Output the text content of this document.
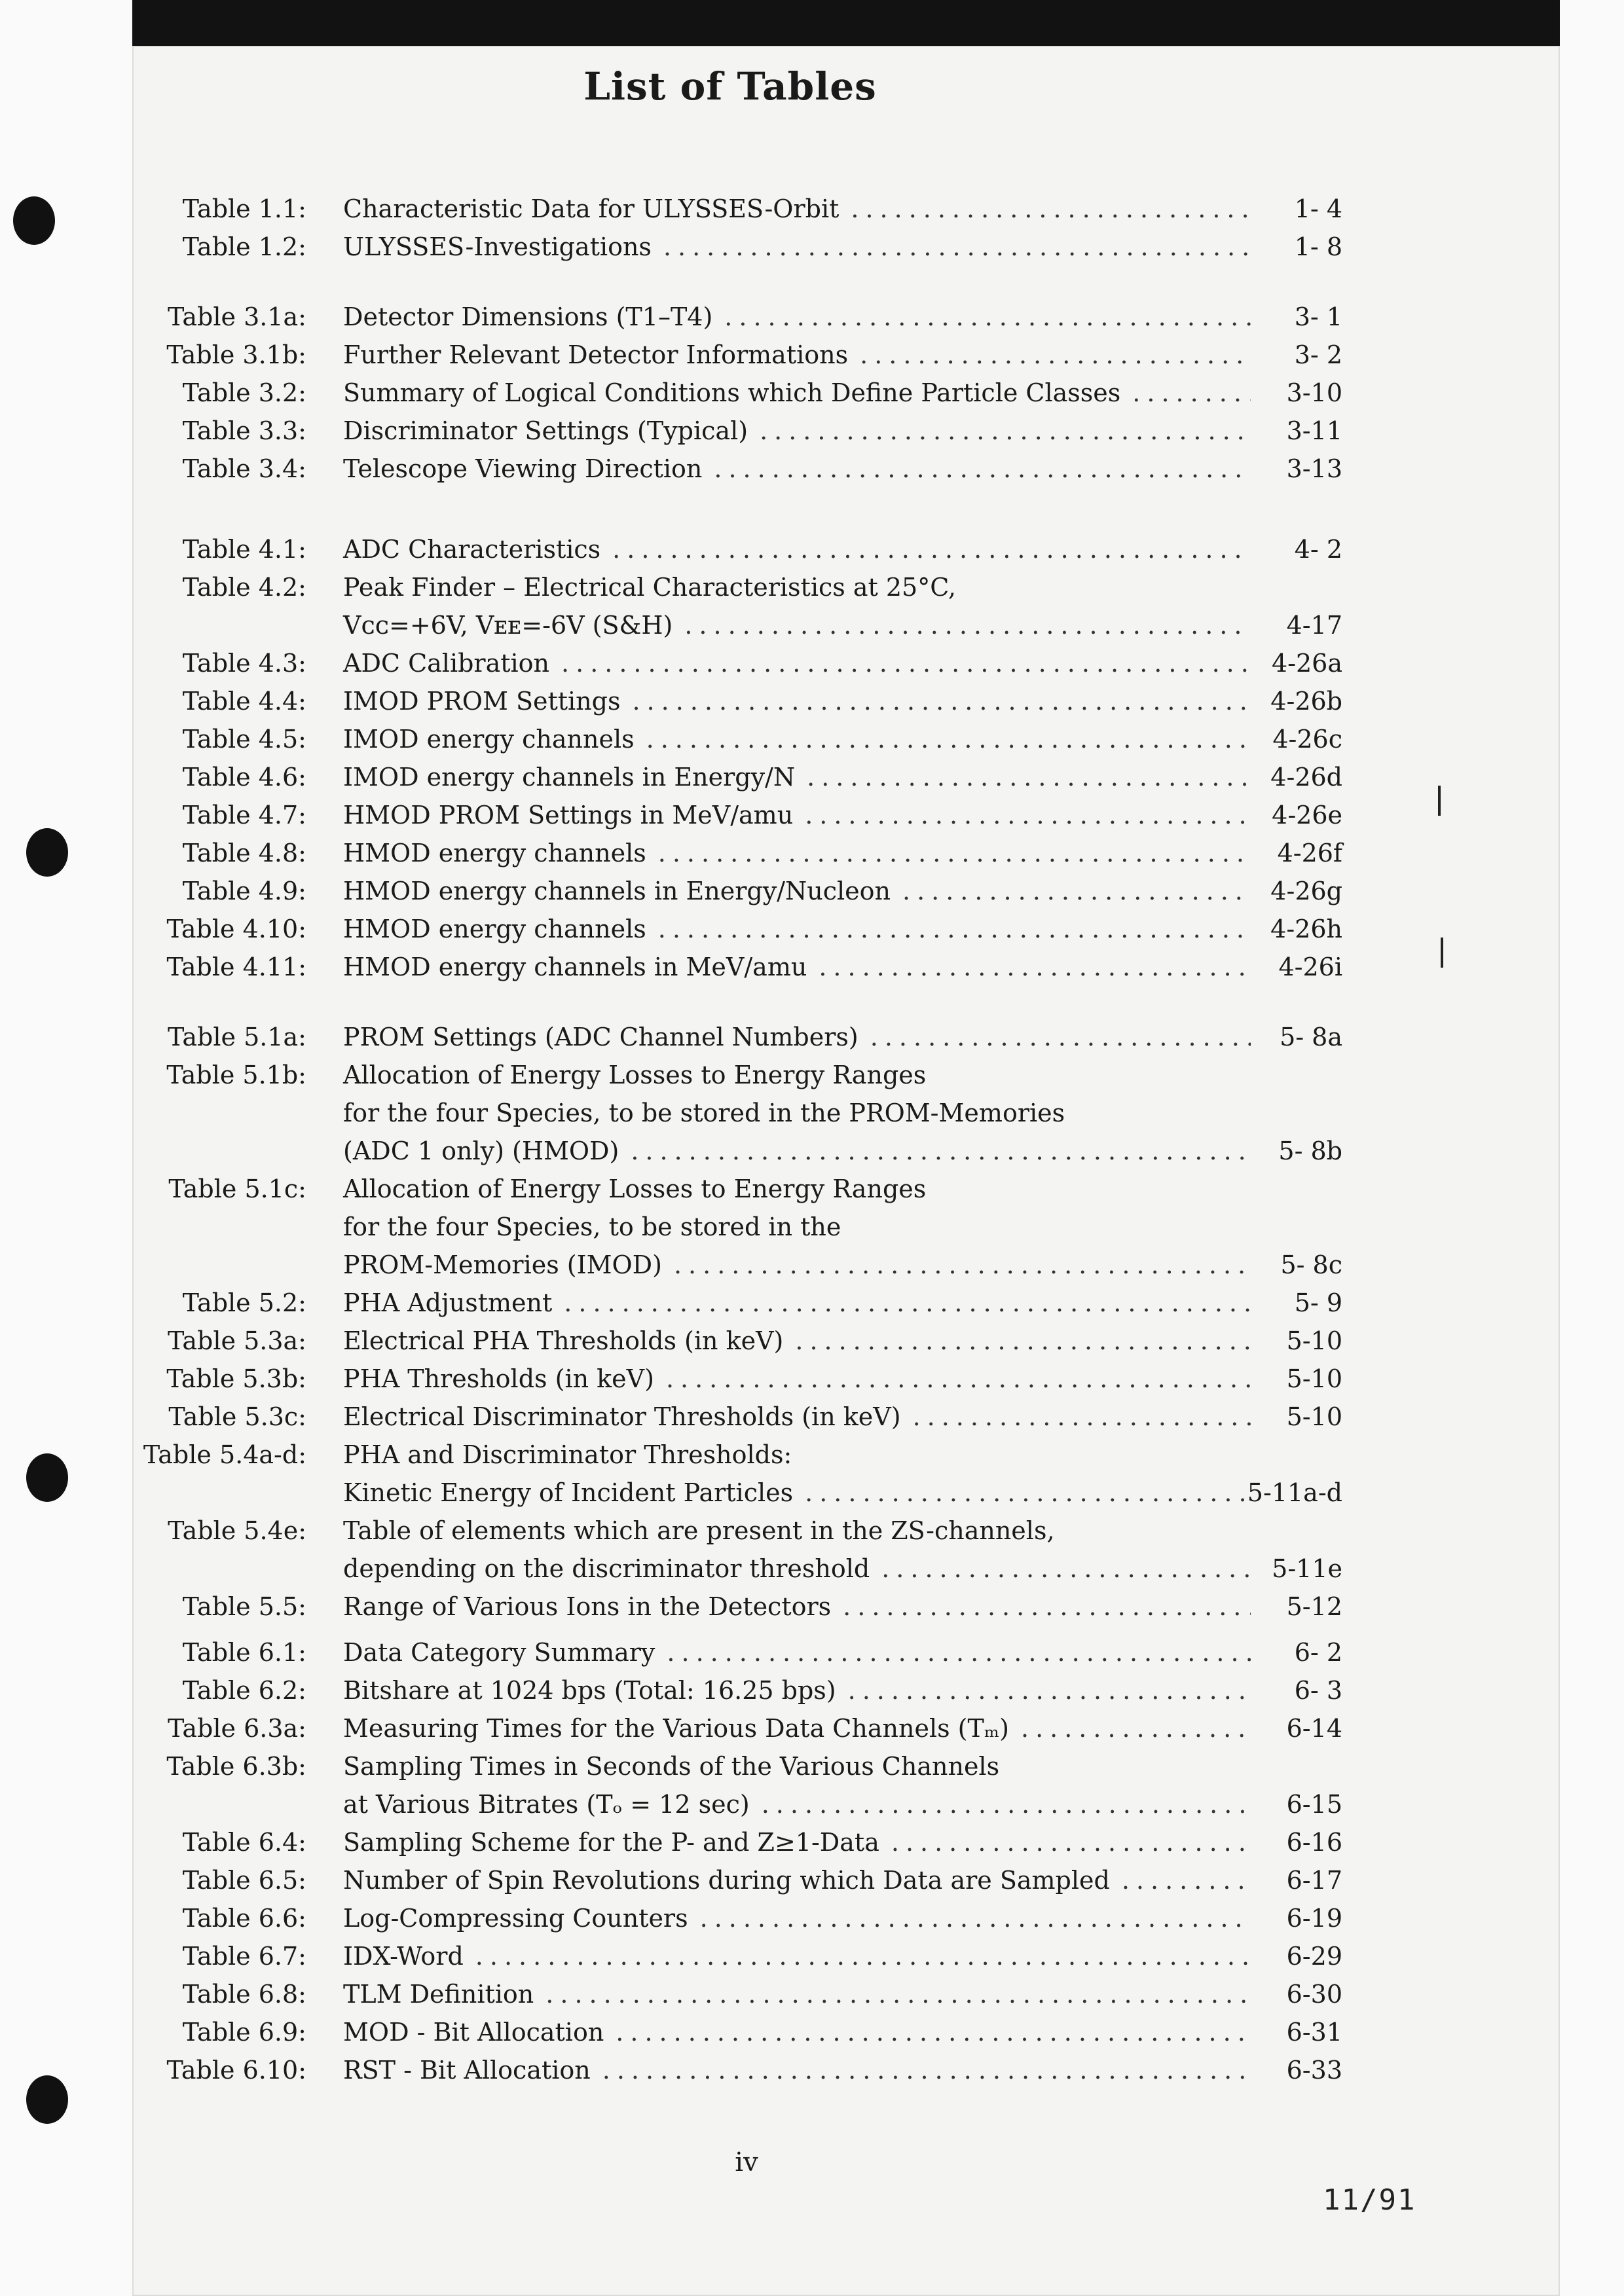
List of Tables
Table 1.1: Characteristic Data for ULYSSES-Orbit .....	1- 4
Table 1.2: ULYSSES-Investigations .....	1- 8
Table 3.1a: Detector Dimensions (T1–T4) .....	3- 1
Table 3.1b: Further Relevant Detector Informations .....	3- 2
Table 3.2: Summary of Logical Conditions which Define Particle Classes .....	3-10
Table 3.3: Discriminator Settings (Typical) .....	3-11
Table 3.4: Telescope Viewing Direction .....	3-13
Table 4.1: ADC Characteristics .....	4- 2
Table 4.2: Peak Finder – Electrical Characteristics at 25°C,
Vᴄᴄ=+6V, Vᴇᴇ=-6V (S&H) .....	4-17
Table 4.3: ADC Calibration .....	4-26a
Table 4.4: IMOD PROM Settings .....	4-26b
Table 4.5: IMOD energy channels .....	4-26c
Table 4.6: IMOD energy channels in Energy/N .....	4-26d
Table 4.7: HMOD PROM Settings in MeV/amu .....	4-26e
Table 4.8: HMOD energy channels .....	4-26f
Table 4.9: HMOD energy channels in Energy/Nucleon .....	4-26g
Table 4.10: HMOD energy channels .....	4-26h
Table 4.11: HMOD energy channels in MeV/amu .....	4-26i
Table 5.1a: PROM Settings (ADC Channel Numbers) .....	5- 8a
Table 5.1b: Allocation of Energy Losses to Energy Ranges
for the four Species, to be stored in the PROM-Memories
(ADC 1 only) (HMOD) .....	5- 8b
Table 5.1c: Allocation of Energy Losses to Energy Ranges
for the four Species, to be stored in the
PROM-Memories (IMOD) .....	5- 8c
Table 5.2: PHA Adjustment .....	5- 9
Table 5.3a: Electrical PHA Thresholds (in keV) .....	5-10
Table 5.3b: PHA Thresholds (in keV) .....	5-10
Table 5.3c: Electrical Discriminator Thresholds (in keV) .....	5-10
Table 5.4a-d: PHA and Discriminator Thresholds:
Kinetic Energy of Incident Particles .....	5-11a-d
Table 5.4e: Table of elements which are present in the ZS-channels,
depending on the discriminator threshold .....	5-11e
Table 5.5: Range of Various Ions in the Detectors .....	5-12
Table 6.1: Data Category Summary .....	6- 2
Table 6.2: Bitshare at 1024 bps (Total: 16.25 bps) .....	6- 3
Table 6.3a: Measuring Times for the Various Data Channels (Tₘ) .....	6-14
Table 6.3b: Sampling Times in Seconds of the Various Channels
at Various Bitrates (Tₒ = 12 sec) .....	6-15
Table 6.4: Sampling Scheme for the P- and Z≥1-Data .....	6-16
Table 6.5: Number of Spin Revolutions during which Data are Sampled .....	6-17
Table 6.6: Log-Compressing Counters .....	6-19
Table 6.7: IDX-Word .....	6-29
Table 6.8: TLM Definition .....	6-30
Table 6.9: MOD - Bit Allocation .....	6-31
Table 6.10: RST - Bit Allocation .....	6-33
iv
11/91
